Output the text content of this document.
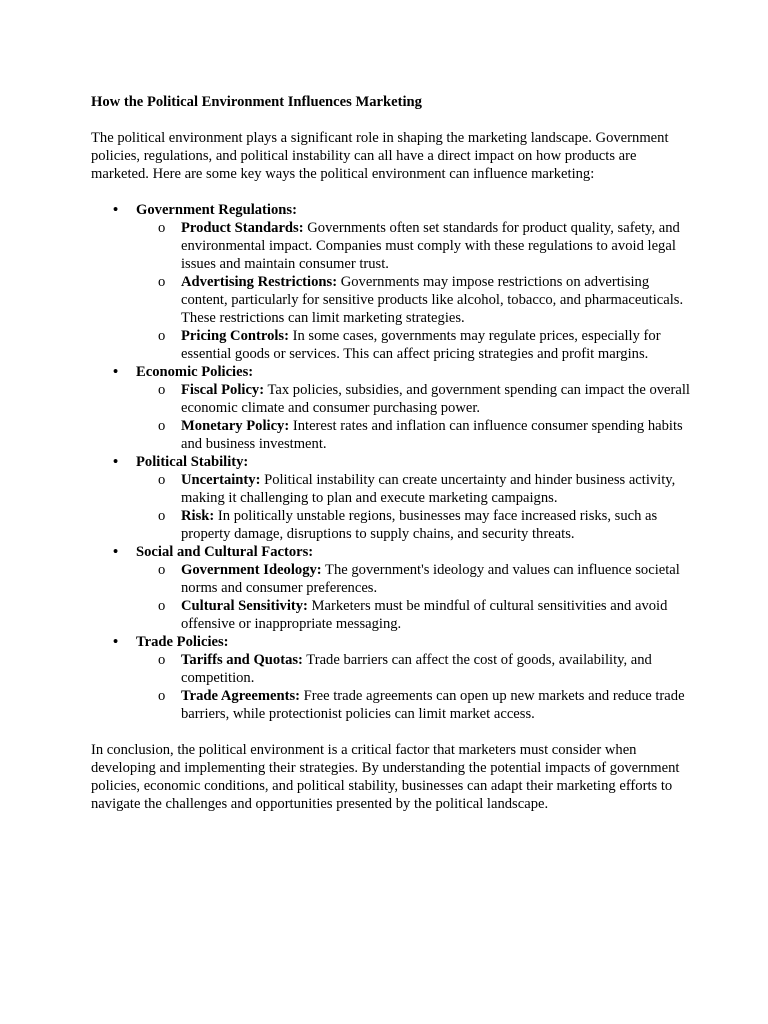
How the Political Environment Influences Marketing

The political environment plays a significant role in shaping the marketing landscape. Government policies, regulations, and political instability can all have a direct impact on how products are marketed. Here are some key ways the political environment can influence marketing:

• Government Regulations:
o Product Standards: Governments often set standards for product quality, safety, and environmental impact. Companies must comply with these regulations to avoid legal issues and maintain consumer trust.
o Advertising Restrictions: Governments may impose restrictions on advertising content, particularly for sensitive products like alcohol, tobacco, and pharmaceuticals. These restrictions can limit marketing strategies.
o Pricing Controls: In some cases, governments may regulate prices, especially for essential goods or services. This can affect pricing strategies and profit margins.
• Economic Policies:
o Fiscal Policy: Tax policies, subsidies, and government spending can impact the overall economic climate and consumer purchasing power.
o Monetary Policy: Interest rates and inflation can influence consumer spending habits and business investment.
• Political Stability:
o Uncertainty: Political instability can create uncertainty and hinder business activity, making it challenging to plan and execute marketing campaigns.
o Risk: In politically unstable regions, businesses may face increased risks, such as property damage, disruptions to supply chains, and security threats.
• Social and Cultural Factors:
o Government Ideology: The government's ideology and values can influence societal norms and consumer preferences.
o Cultural Sensitivity: Marketers must be mindful of cultural sensitivities and avoid offensive or inappropriate messaging.
• Trade Policies:
o Tariffs and Quotas: Trade barriers can affect the cost of goods, availability, and competition.
o Trade Agreements: Free trade agreements can open up new markets and reduce trade barriers, while protectionist policies can limit market access.

In conclusion, the political environment is a critical factor that marketers must consider when developing and implementing their strategies. By understanding the potential impacts of government policies, economic conditions, and political stability, businesses can adapt their marketing efforts to navigate the challenges and opportunities presented by the political landscape.
